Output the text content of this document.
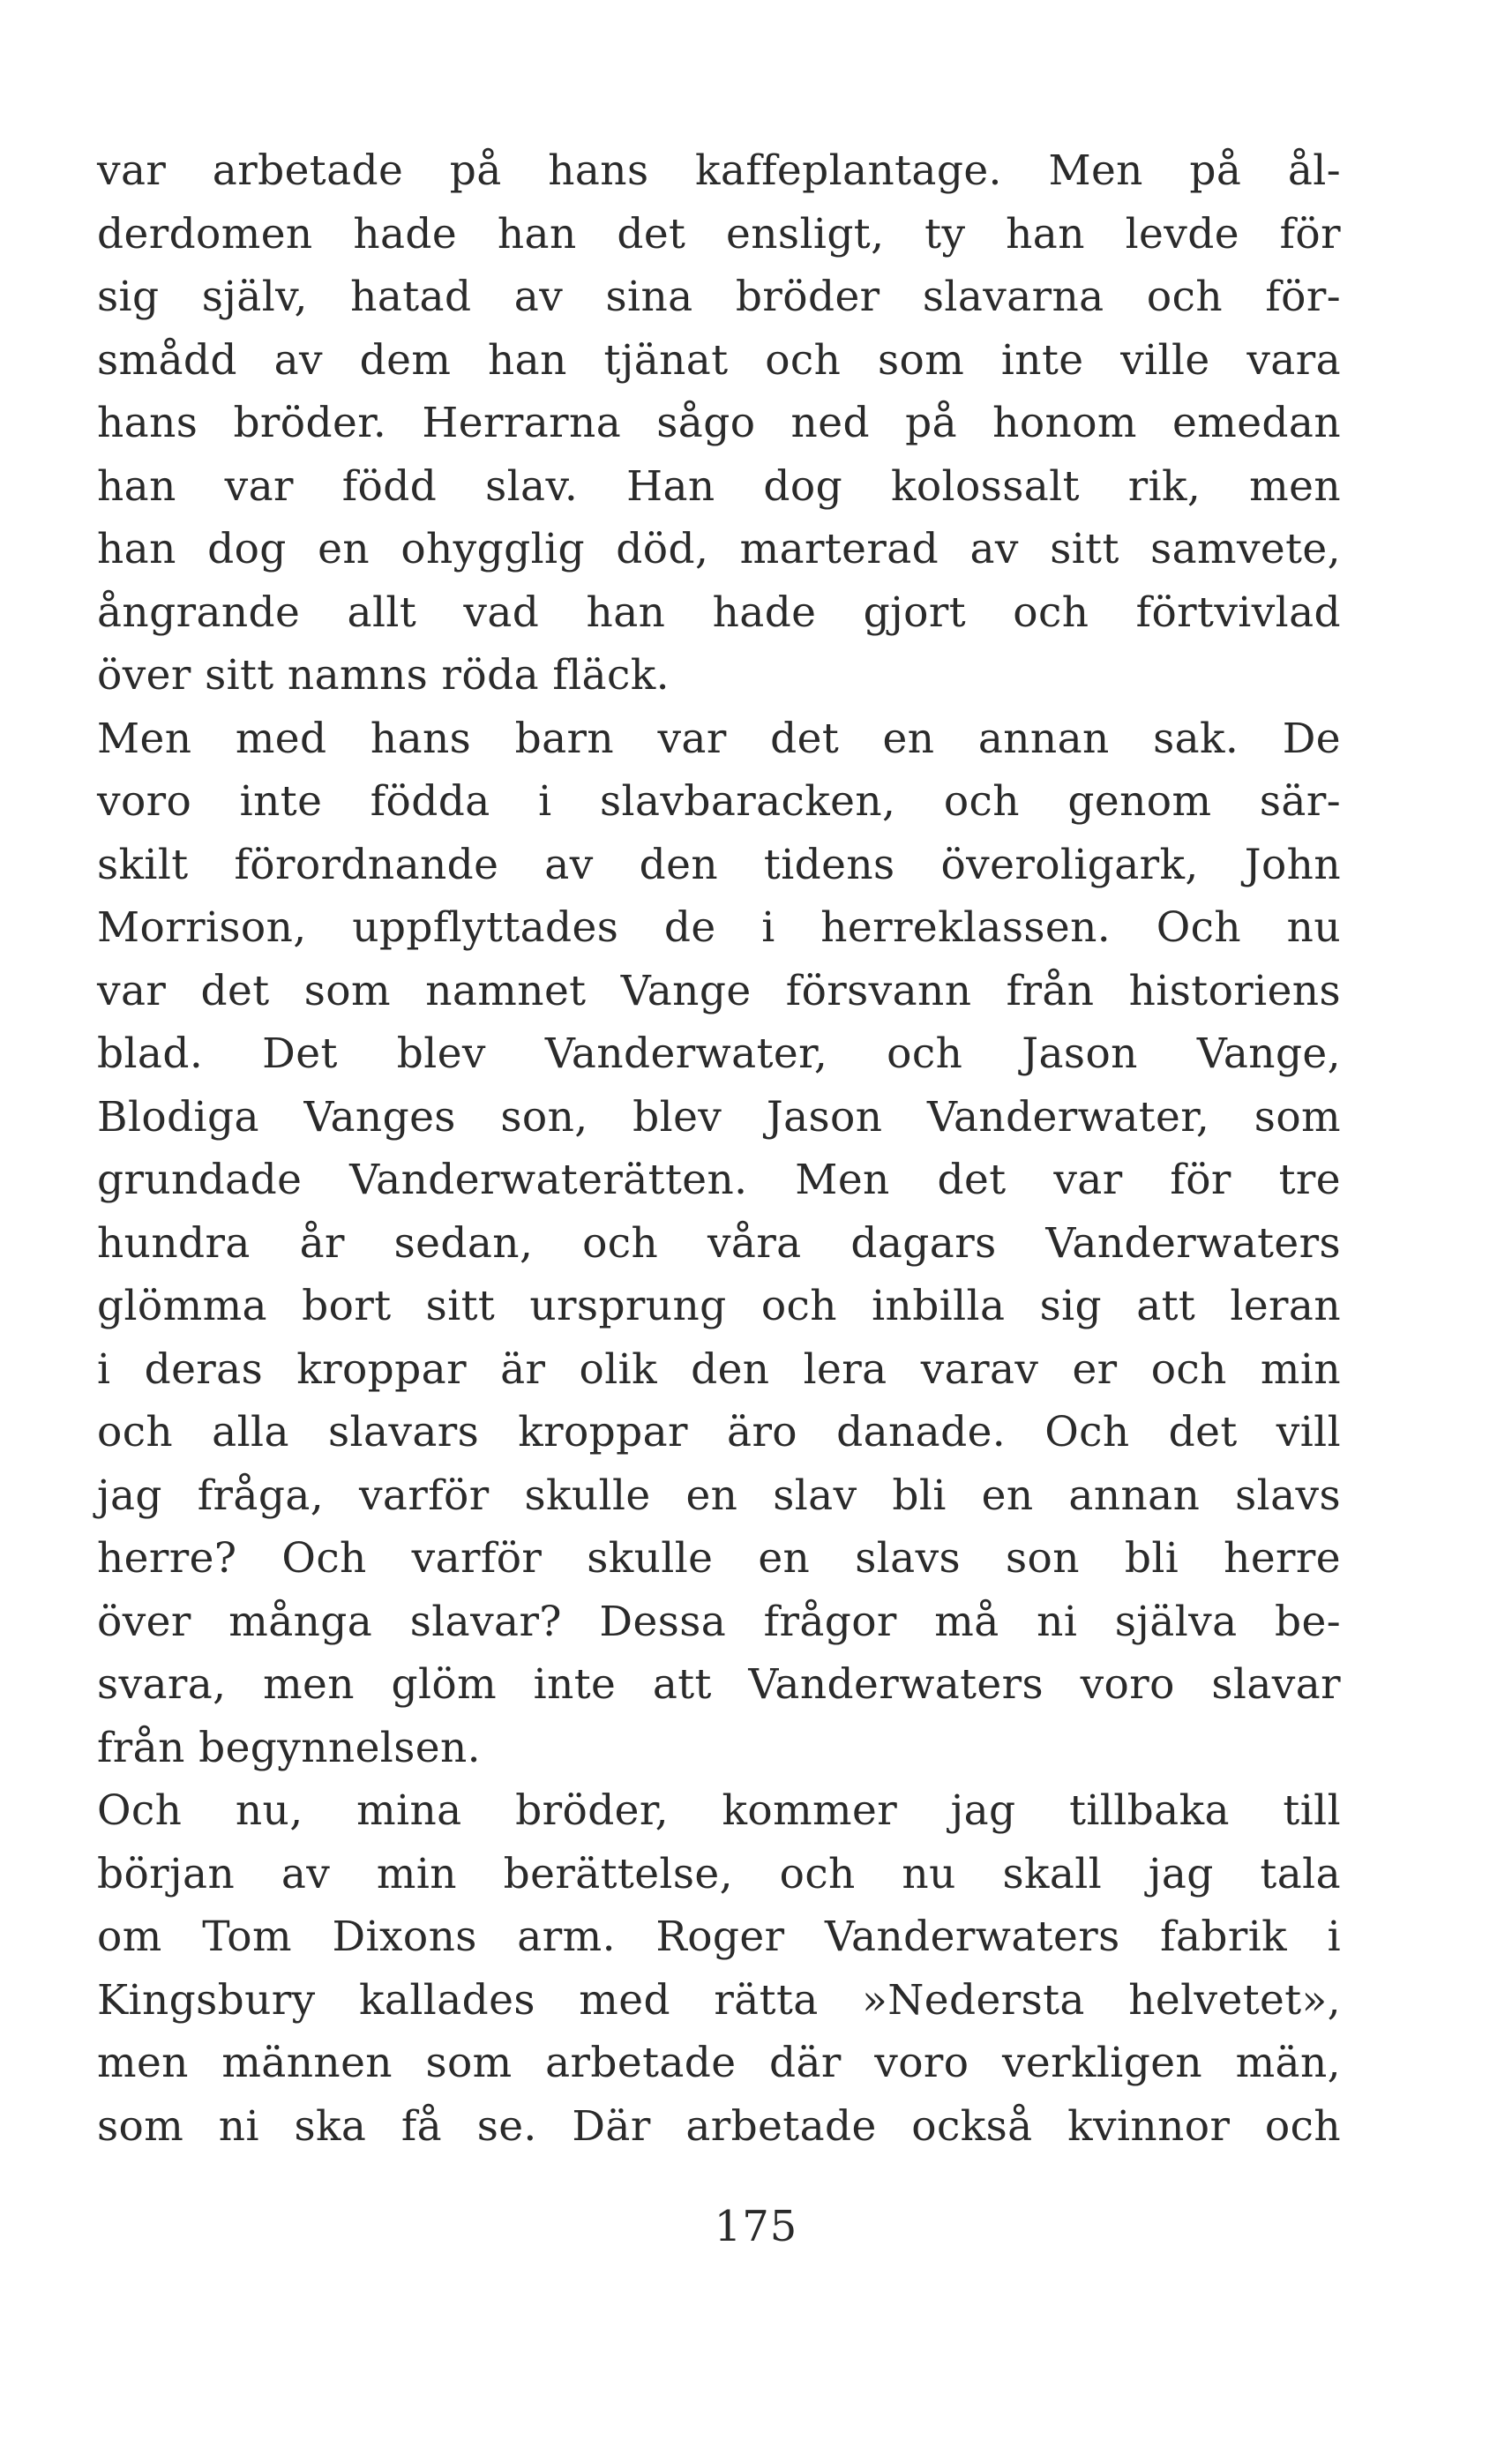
var arbetade på hans kaffeplantage. Men på ål-
derdomen hade han det ensligt, ty han levde för
sig själv, hatad av sina bröder slavarna och för-
smådd av dem han tjänat och som inte ville vara
hans bröder. Herrarna sågo ned på honom emedan
han var född slav. Han dog kolossalt rik, men
han dog en ohygglig död, marterad av sitt samvete,
ångrande allt vad han hade gjort och förtvivlad
över sitt namns röda fläck.
Men med hans barn var det en annan sak. De
voro inte födda i slavbaracken, och genom sär-
skilt förordnande av den tidens överoligark, John
Morrison, uppflyttades de i herreklassen. Och nu
var det som namnet Vange försvann från historiens
blad. Det blev Vanderwater, och Jason Vange,
Blodiga Vanges son, blev Jason Vanderwater, som
grundade Vanderwaterätten. Men det var för tre
hundra år sedan, och våra dagars Vanderwaters
glömma bort sitt ursprung och inbilla sig att leran
i deras kroppar är olik den lera varav er och min
och alla slavars kroppar äro danade. Och det vill
jag fråga, varför skulle en slav bli en annan slavs
herre? Och varför skulle en slavs son bli herre
över många slavar? Dessa frågor må ni själva be-
svara, men glöm inte att Vanderwaters voro slavar
från begynnelsen.
Och nu, mina bröder, kommer jag tillbaka till
början av min berättelse, och nu skall jag tala
om Tom Dixons arm. Roger Vanderwaters fabrik i
Kingsbury kallades med rätta »Nedersta helvetet»,
men männen som arbetade där voro verkligen män,
som ni ska få se. Där arbetade också kvinnor och
175
